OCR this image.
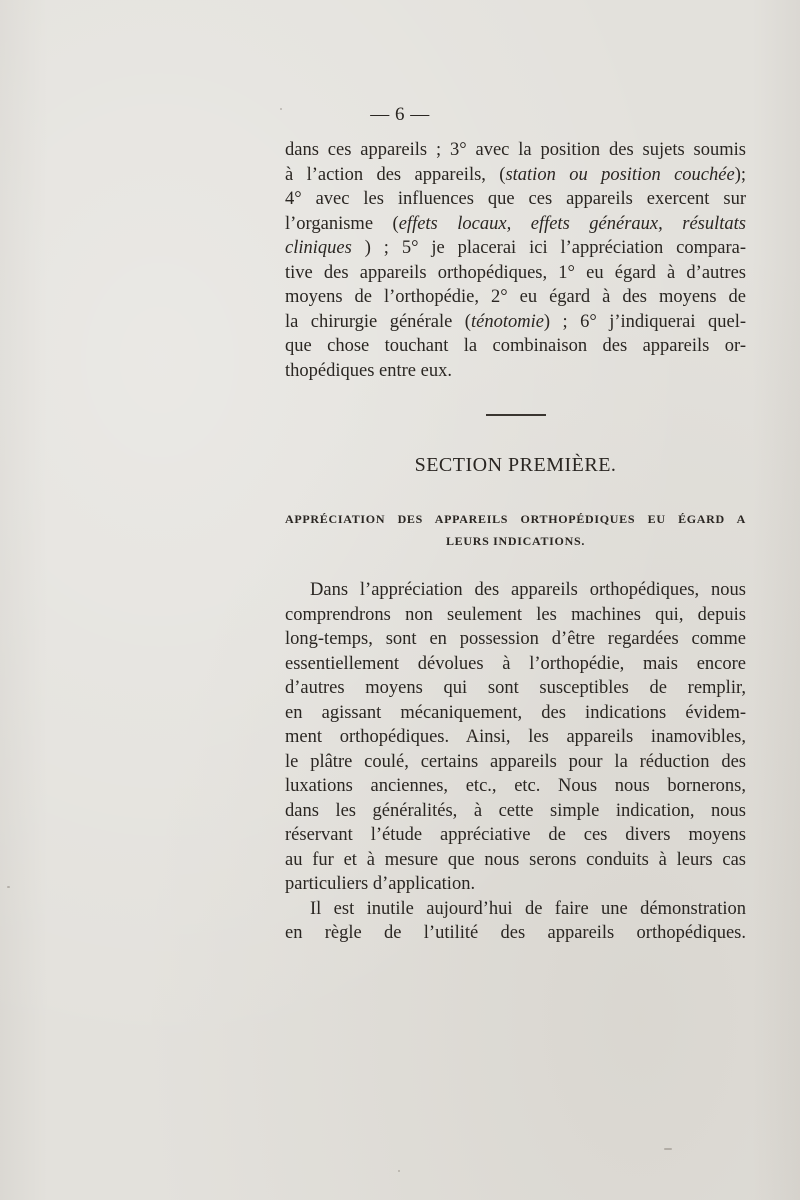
— 6 —
dans ces appareils ; 3° avec la position des sujets soumis
à l’action des appareils, (station ou position couchée);
4° avec les influences que ces appareils exercent sur
l’organisme (effets locaux, effets généraux, résultats
cliniques ) ; 5° je placerai ici l’appréciation compara-
tive des appareils orthopédiques, 1° eu égard à d’autres
moyens de l’orthopédie, 2° eu égard à des moyens de
la chirurgie générale (ténotomie) ; 6° j’indiquerai quel-
que chose touchant la combinaison des appareils or-
thopédiques entre eux.
SECTION PREMIÈRE.
APPRÉCIATION DES APPAREILS ORTHOPÉDIQUES EU ÉGARD A
LEURS INDICATIONS.
Dans l’appréciation des appareils orthopédiques, nous
comprendrons non seulement les machines qui, depuis
long-temps, sont en possession d’être regardées comme
essentiellement dévolues à l’orthopédie, mais encore
d’autres moyens qui sont susceptibles de remplir,
en agissant mécaniquement, des indications évidem-
ment orthopédiques. Ainsi, les appareils inamovibles,
le plâtre coulé, certains appareils pour la réduction des
luxations anciennes, etc., etc. Nous nous bornerons,
dans les généralités, à cette simple indication, nous
réservant l’étude appréciative de ces divers moyens
au fur et à mesure que nous serons conduits à leurs cas
particuliers d’application.
Il est inutile aujourd’hui de faire une démonstration
en règle de l’utilité des appareils orthopédiques.
